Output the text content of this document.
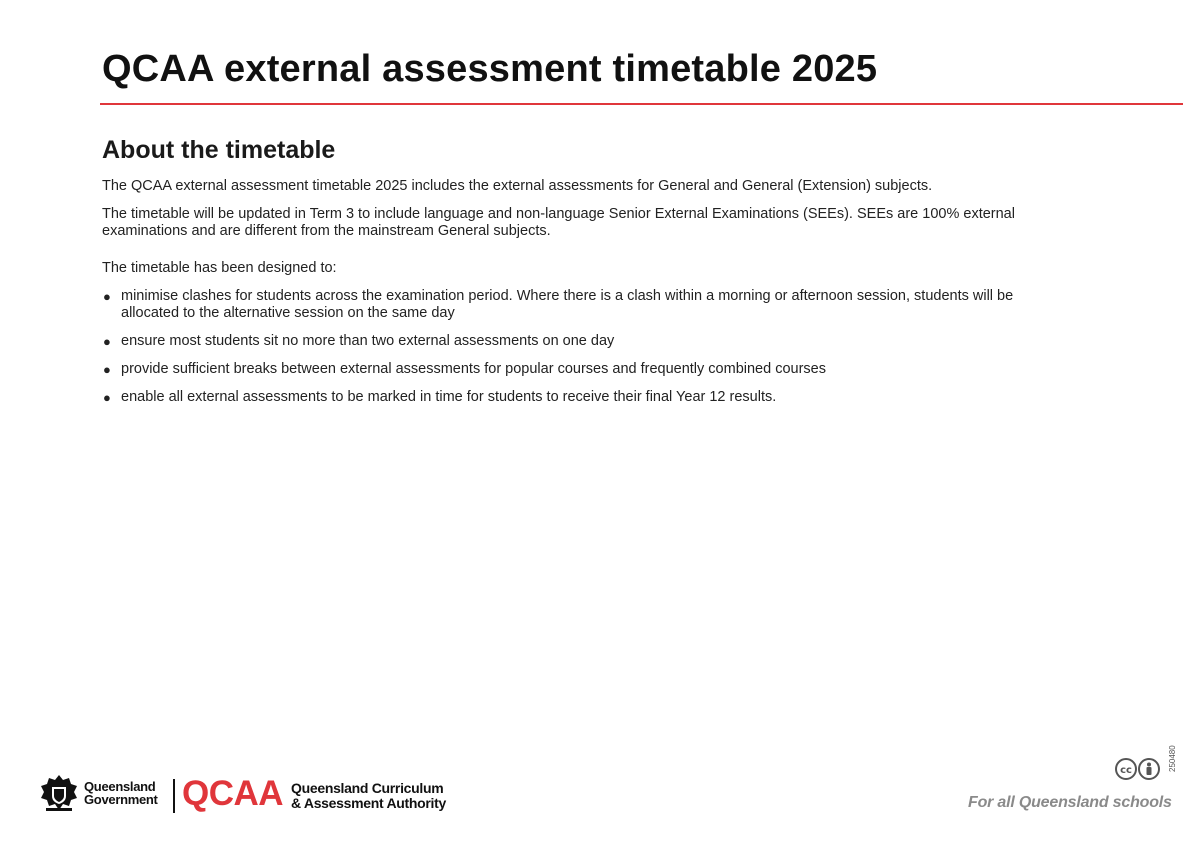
QCAA external assessment timetable 2025
About the timetable

The QCAA external assessment timetable 2025 includes the external assessments for General and General (Extension) subjects.

The timetable will be updated in Term 3 to include language and non-language Senior External Examinations (SEEs). SEEs are 100% external examinations and are different from the mainstream General subjects.

The timetable has been designed to:

● minimise clashes for students across the examination period. Where there is a clash within a morning or afternoon session, students will be allocated to the alternative session on the same day
● ensure most students sit no more than two external assessments on one day
● provide sufficient breaks between external assessments for popular courses and frequently combined courses
● enable all external assessments to be marked in time for students to receive their final Year 12 results.
Queensland
Government QCAA Queensland Curriculum
& Assessment Authority
cc	250480
For all Queensland schools
